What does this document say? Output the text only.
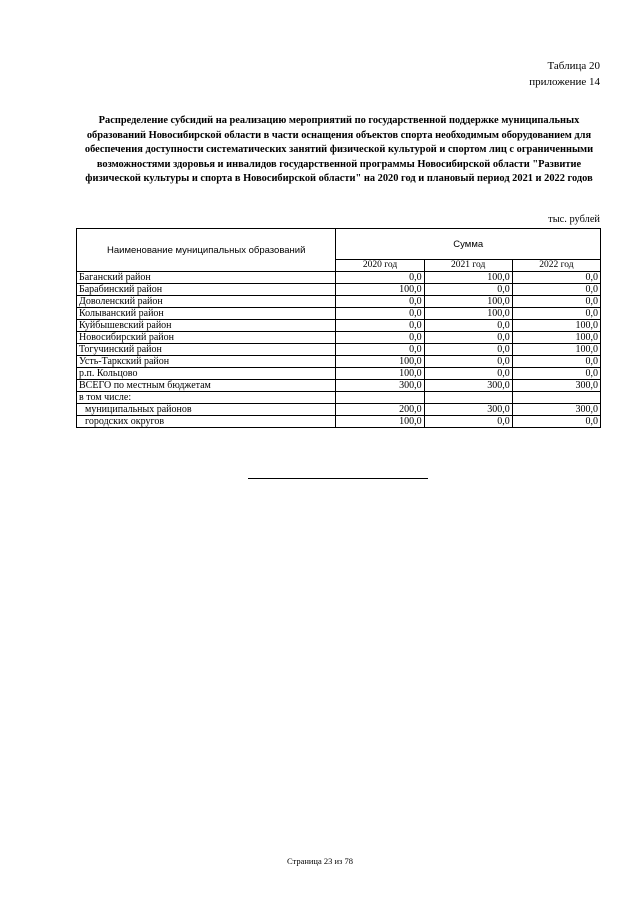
Таблица 20
приложение 14
Распределение субсидий на реализацию мероприятий по государственной поддержке муниципальных образований Новосибирской области в части оснащения объектов спорта необходимым оборудованием для обеспечения доступности систематических занятий физической культурой и спортом лиц с ограниченными возможностями здоровья и инвалидов государственной программы Новосибирской области "Развитие физической культуры и спорта в Новосибирской области" на 2020 год и плановый период 2021 и 2022 годов
тыс. рублей
Наименование муниципальных образований	Сумма		
	2020 год	2021 год	2022 год
Баганский район	0,0	100,0	0,0
Барабинский район	100,0	0,0	0,0
Доволенский район	0,0	100,0	0,0
Колыванский район	0,0	100,0	0,0
Куйбышевский район	0,0	0,0	100,0
Новосибирский район	0,0	0,0	100,0
Тогучинский район	0,0	0,0	100,0
Усть-Таркский район	100,0	0,0	0,0
р.п. Кольцово	100,0	0,0	0,0
ВСЕГО по местным бюджетам	300,0	300,0	300,0
в том числе:			
муниципальных районов	200,0	300,0	300,0
городских округов	100,0	0,0	0,0
Страница 23 из 78
